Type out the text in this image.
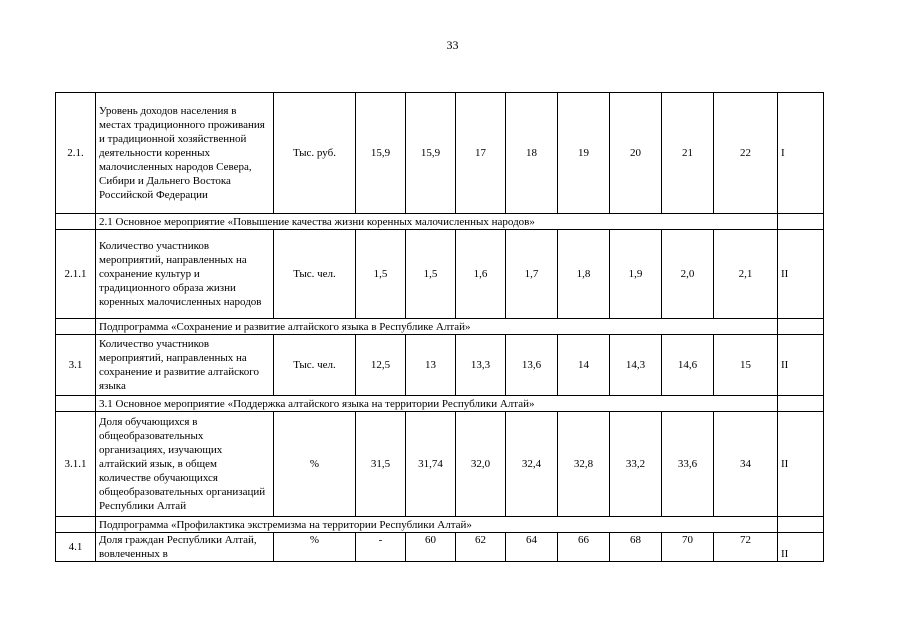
33
2.1.	Уровень доходов населения в местах традиционного проживания и традиционной хозяйственной деятельности коренных малочисленных народов Севера, Сибири и Дальнего Востока Российской Федерации	Тыс. руб.	15,9	15,9	17	18	19	20	21	22	I
	2.1 Основное мероприятие «Повышение качества жизни коренных малочисленных народов»										
2.1.1	Количество участников мероприятий, направленных на сохранение культур и традиционного образа жизни коренных малочисленных народов	Тыс. чел.	1,5	1,5	1,6	1,7	1,8	1,9	2,0	2,1	II
	Подпрограмма «Сохранение и развитие алтайского языка в Республике Алтай»										
3.1	Количество участников мероприятий, направленных на сохранение и развитие алтайского языка	Тыс. чел.	12,5	13	13,3	13,6	14	14,3	14,6	15	II
	3.1 Основное мероприятие «Поддержка алтайского языка на территории Республики Алтай»										
3.1.1	Доля обучающихся в общеобразовательных организациях, изучающих алтайский язык, в общем количестве обучающихся общеобразовательных организаций Республики Алтай	%	31,5	31,74	32,0	32,4	32,8	33,2	33,6	34	II
	Подпрограмма «Профилактика экстремизма на территории Республики Алтай»										
4.1	Доля граждан Республики Алтай, вовлеченных в	%	-	60	62	64	66	68	70	72	II
